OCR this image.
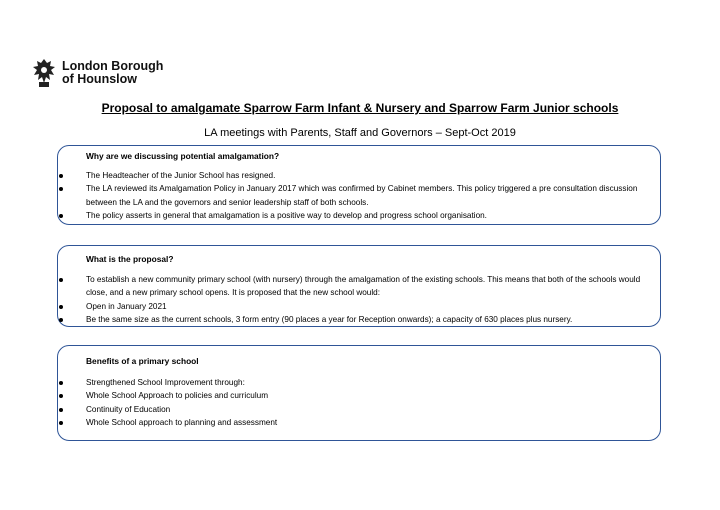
London Borough
of Hounslow
Proposal to amalgamate Sparrow Farm Infant & Nursery and Sparrow Farm Junior schools
LA meetings with Parents, Staff and Governors – Sept-Oct 2019
Why are we discussing potential amalgamation?
The Headteacher of the Junior School has resigned.
The LA reviewed its Amalgamation Policy in January 2017 which was confirmed by Cabinet members. This policy triggered a pre consultation discussion between the LA and the governors and senior leadership staff of both schools.
The policy asserts in general that amalgamation is a positive way to develop and progress school organisation.
What is the proposal?
To establish a new community primary school (with nursery) through the amalgamation of the existing schools. This means that both of the schools would close, and a new primary school opens. It is proposed that the new school would:
Open in January 2021
Be the same size as the current schools, 3 form entry (90 places a year for Reception onwards); a capacity of 630 places plus nursery.
Benefits of a primary school
Strengthened School Improvement through:
Whole School Approach to policies and curriculum
Continuity of Education
Whole School approach to planning and assessment
